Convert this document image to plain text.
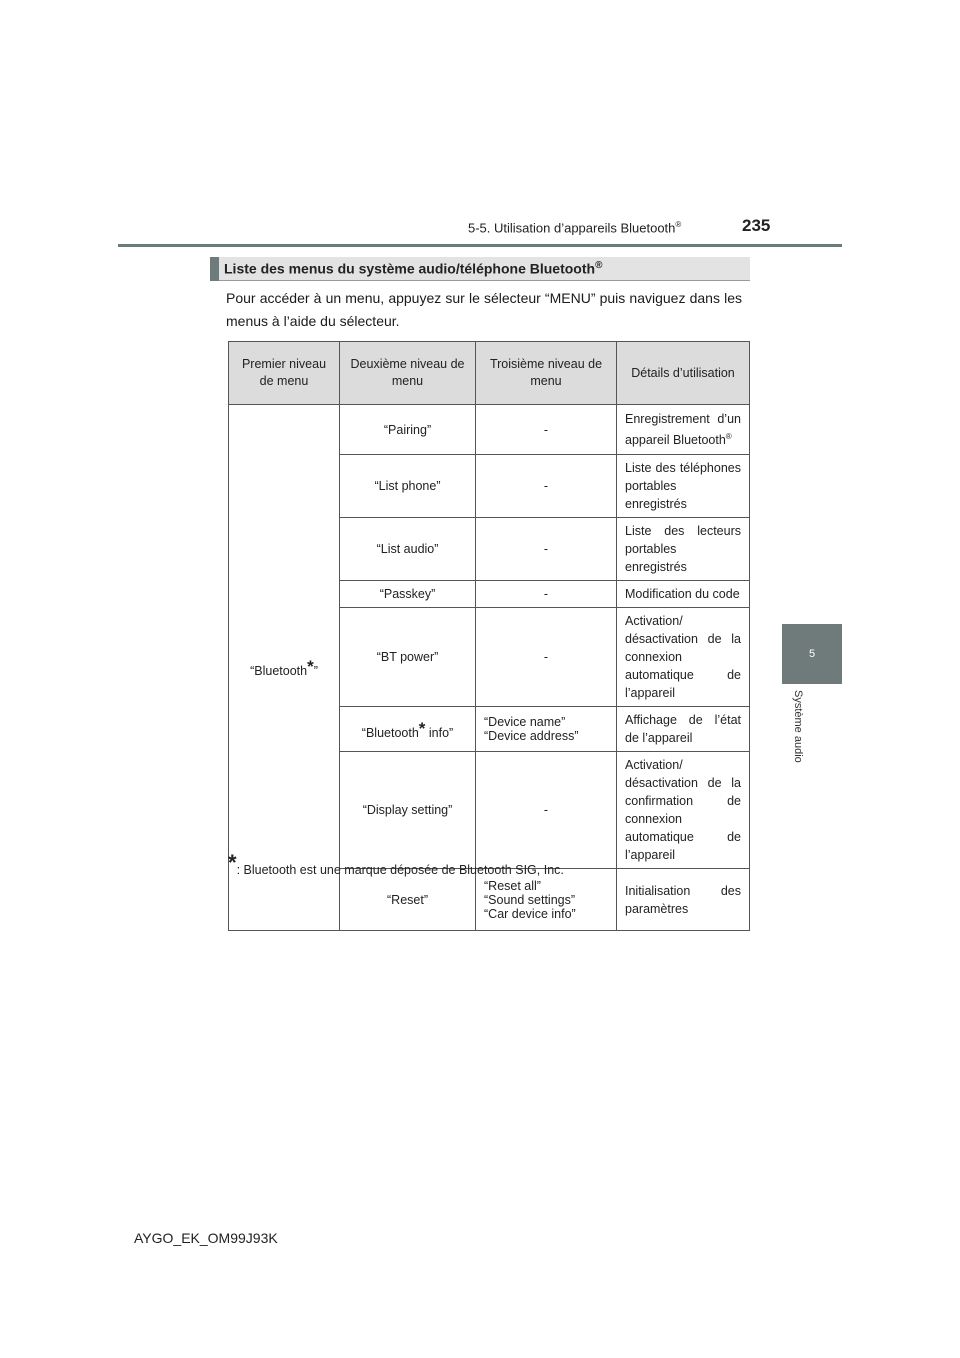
5-5. Utilisation d’appareils Bluetooth®	235
5
Système audio
Liste des menus du système audio/téléphone Bluetooth®
Pour accéder à un menu, appuyez sur le sélecteur “MENU” puis naviguez dans les menus à l’aide du sélecteur.
Premier niveau de menu	Deuxième niveau de menu	Troisième niveau de menu	Détails d’utilisation
“Bluetooth*”	“Pairing”	-	Enregistrement d’un appareil Bluetooth®
	“List phone”	-	Liste des téléphones portables enregistrés
	“List audio”	-	Liste des lecteurs portables enregistrés
	“Passkey”	-	Modification du code
	“BT power”	-	Activation/ désactivation de la connexion automatique de l’appareil
	“Bluetooth* info”	“Device name”
“Device address”	Affichage de l’état de l’appareil
	“Display setting”	-	Activation/ désactivation de la confirmation de connexion automatique de l’appareil
	“Reset”	“Reset all”
“Sound settings”
“Car device info”	Initialisation des paramètres
*: Bluetooth est une marque déposée de Bluetooth SIG, Inc.
AYGO_EK_OM99J93K
